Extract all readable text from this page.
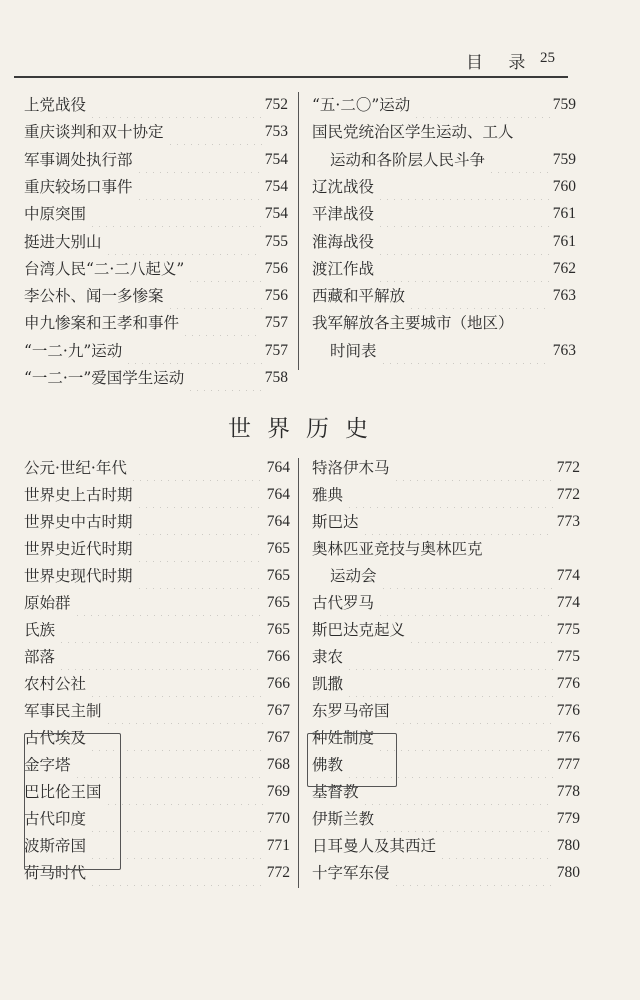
目 录 25
世界历史
上党战役	752
重庆谈判和双十协定	753
军事调处执行部	754
重庆较场口事件	754
中原突围	754
挺进大别山	755
台湾人民“二·二八起义”	756
李公朴、闻一多惨案	756
申九惨案和王孝和事件	757
“一二·九”运动	757
“一二·一”爱国学生运动	758
“五·二〇”运动	759
国民党统治区学生运动、工人
运动和各阶层人民斗争	759
辽沈战役	760
平津战役	761
淮海战役	761
渡江作战	762
西藏和平解放	763
我军解放各主要城市（地区）
时间表	763
公元·世纪·年代	764
世界史上古时期	764
世界史中古时期	764
世界史近代时期	765
世界史现代时期	765
原始群	765
氏族	765
部落	766
农村公社	766
军事民主制	767
古代埃及	767
金字塔	768
巴比伦王国	769
古代印度	770
波斯帝国	771
荷马时代	772
特洛伊木马	772
雅典	772
斯巴达	773
奥林匹亚竞技与奥林匹克
运动会	774
古代罗马	774
斯巴达克起义	775
隶农	775
凯撒	776
东罗马帝国	776
种姓制度	776
佛教	777
基督教	778
伊斯兰教	779
日耳曼人及其西迁	780
十字军东侵	780
